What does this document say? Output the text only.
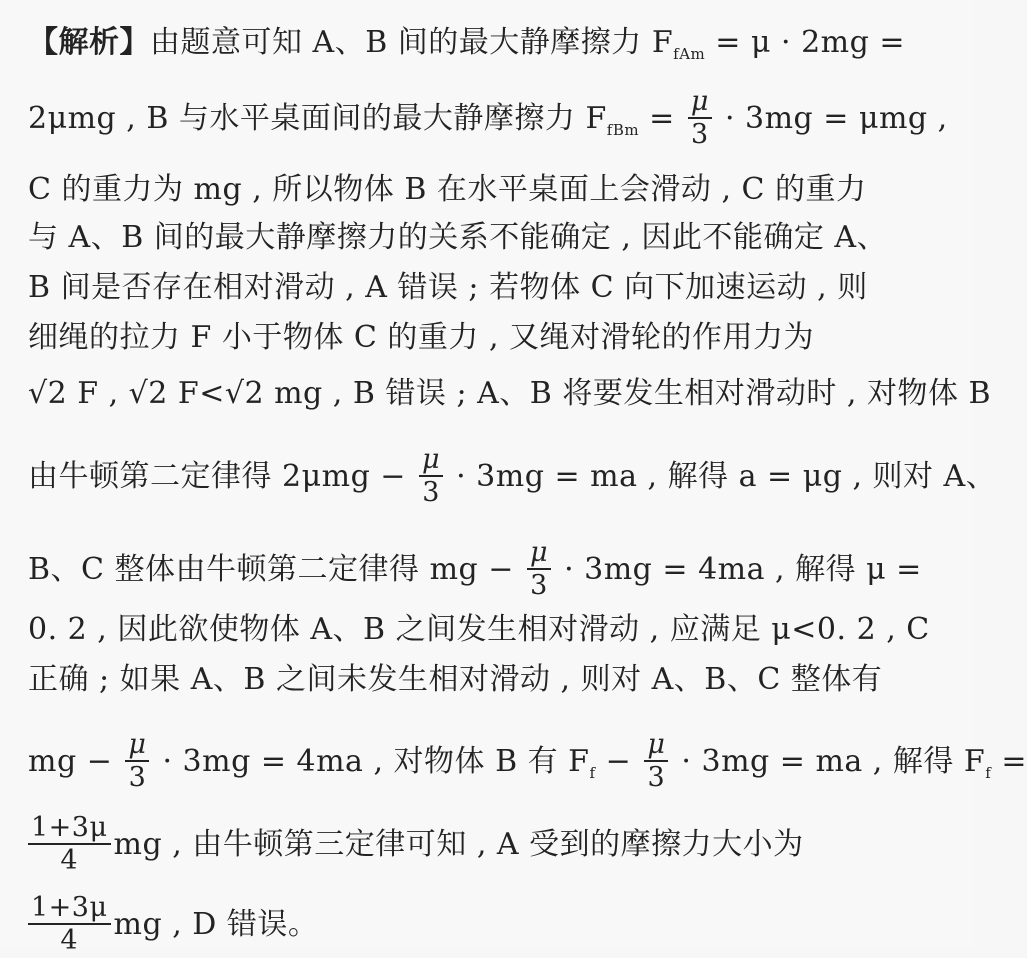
【解析】由题意可知 A、B 间的最大静摩擦力 $F_{fAm} = \mu \cdot 2mg$ =
2μmg , B 与水平桌面间的最大静摩擦力 $F_{fBm} = \frac{\mu}{3} \cdot 3mg = \mu mg$ ,
C 的重力为 mg , 所以物体 B 在水平桌面上会滑动 , C 的重力
与 A、B 间的最大静摩擦力的关系不能确定 , 因此不能确定 A、
B 间是否存在相对滑动 , A 错误 ; 若物体 C 向下加速运动 , 则
细绳的拉力 F 小于物体 C 的重力 , 又绳对滑轮的作用力为
√2 F , √2 F<√2 mg , B 错误 ; A、B 将要发生相对滑动时 , 对物体 B
由牛顿第二定律得 $2\mu mg - \frac{\mu}{3} \cdot 3mg$ = ma , 解得 a = μg , 则对 A、
B、C 整体由牛顿第二定律得 mg − $\frac{\mu}{3} \cdot 3mg = 4ma$ , 解得 μ =
0. 2 , 因此欲使物体 A、B 之间发生相对滑动 , 应满足 μ<0. 2 , C
正确 ; 如果 A、B 之间未发生相对滑动 , 则对 A、B、C 整体有
mg − $\frac{\mu}{3} \cdot 3mg = 4ma$ , 对物体 B 有 $F_f - \frac{\mu}{3} \cdot 3mg$ = ma , 解得 $F_f$ =
$\frac{1+3\mu}{4}$ mg , 由牛顿第三定律可知 , A 受到的摩擦力大小为
$\frac{1+3\mu}{4}$ mg , D 错误。
